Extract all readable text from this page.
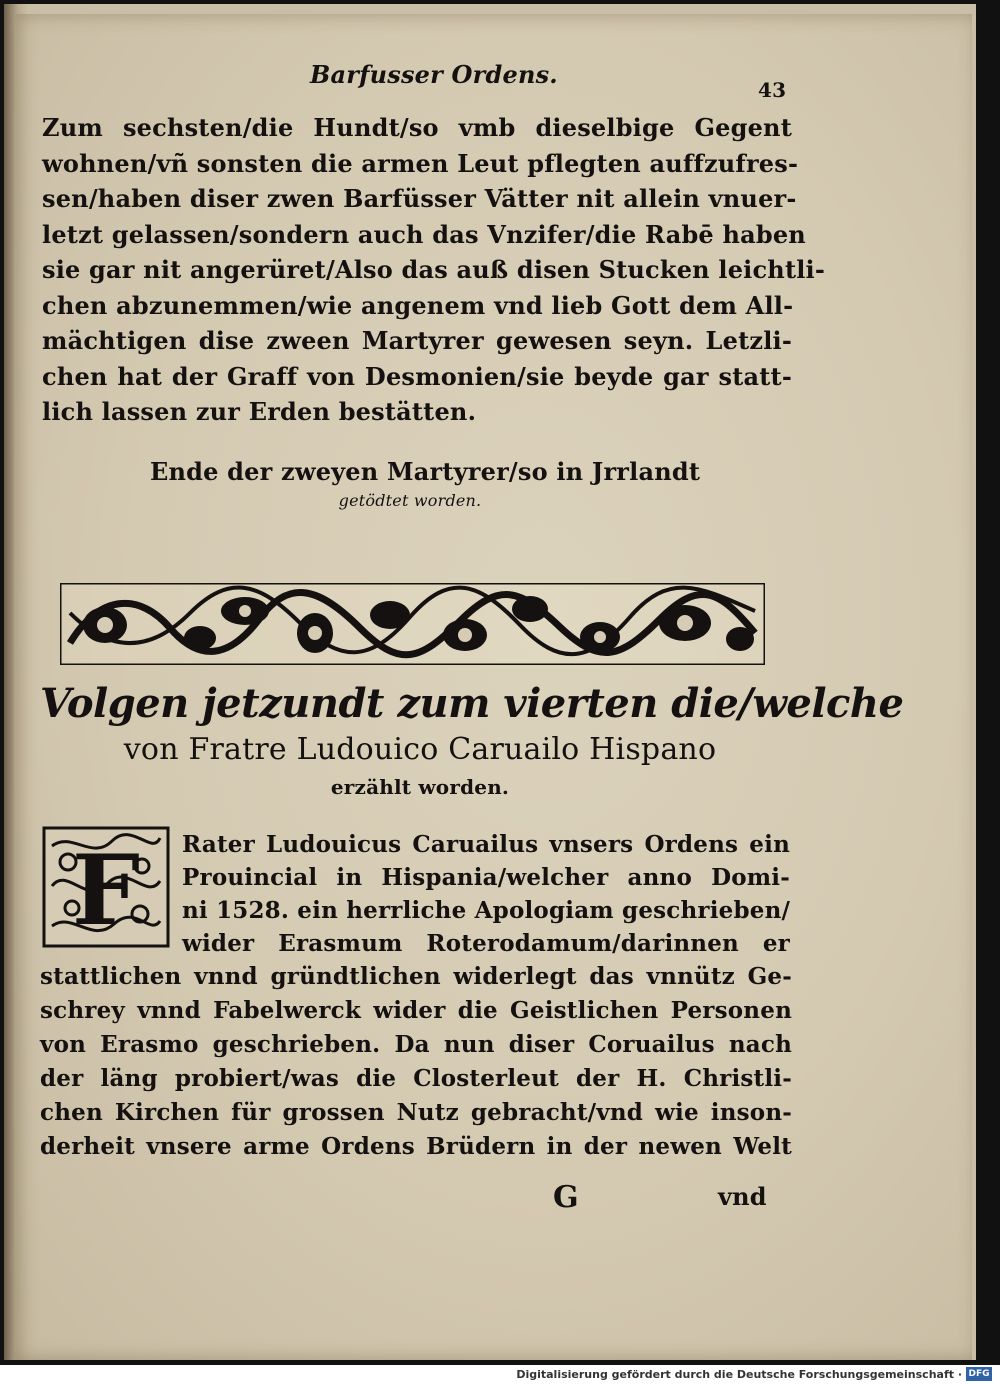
Barfusser Ordens.
43
Zum sechsten/die Hundt/so vmb dieselbige Gegent
wohnen/vñ sonsten die armen Leut pflegten auffzufres-
sen/haben diser zwen Barfüsser Vätter nit allein vnuer-
letzt gelassen/sondern auch das Vnzifer/die Rabē haben
sie gar nit angerüret/Also das auß disen Stucken leichtli-
chen abzunemmen/wie angenem vnd lieb Gott dem All-
mächtigen dise zween Martyrer gewesen seyn. Letzli-
chen hat der Graff von Desmonien/sie beyde gar statt-
lich lassen zur Erden bestätten.
Ende der zweyen Martyrer/so in Jrrlandt
getödtet worden.
Volgen jetzundt zum vierten die/welche
von Fratre Ludouico Caruailo Hispano
erzählt worden.
F Rater Ludouicus Caruailus vnsers Ordens ein
Prouincial in Hispania/welcher anno Domi-
ni 1528. ein herrliche Apologiam geschrieben/
wider Erasmum Roterodamum/darinnen er
stattlichen vnnd gründtlichen widerlegt das vnnütz Ge-
schrey vnnd Fabelwerck wider die Geistlichen Personen
von Erasmo geschrieben. Da nun diser Coruailus nach
der läng probiert/was die Closterleut der H. Christli-
chen Kirchen für grossen Nutz gebracht/vnd wie inson-
derheit vnsere arme Ordens Brüdern in der newen Welt
G	vnd
Digitalisierung gefördert durch die Deutsche Forschungsgemeinschaft · DFG
